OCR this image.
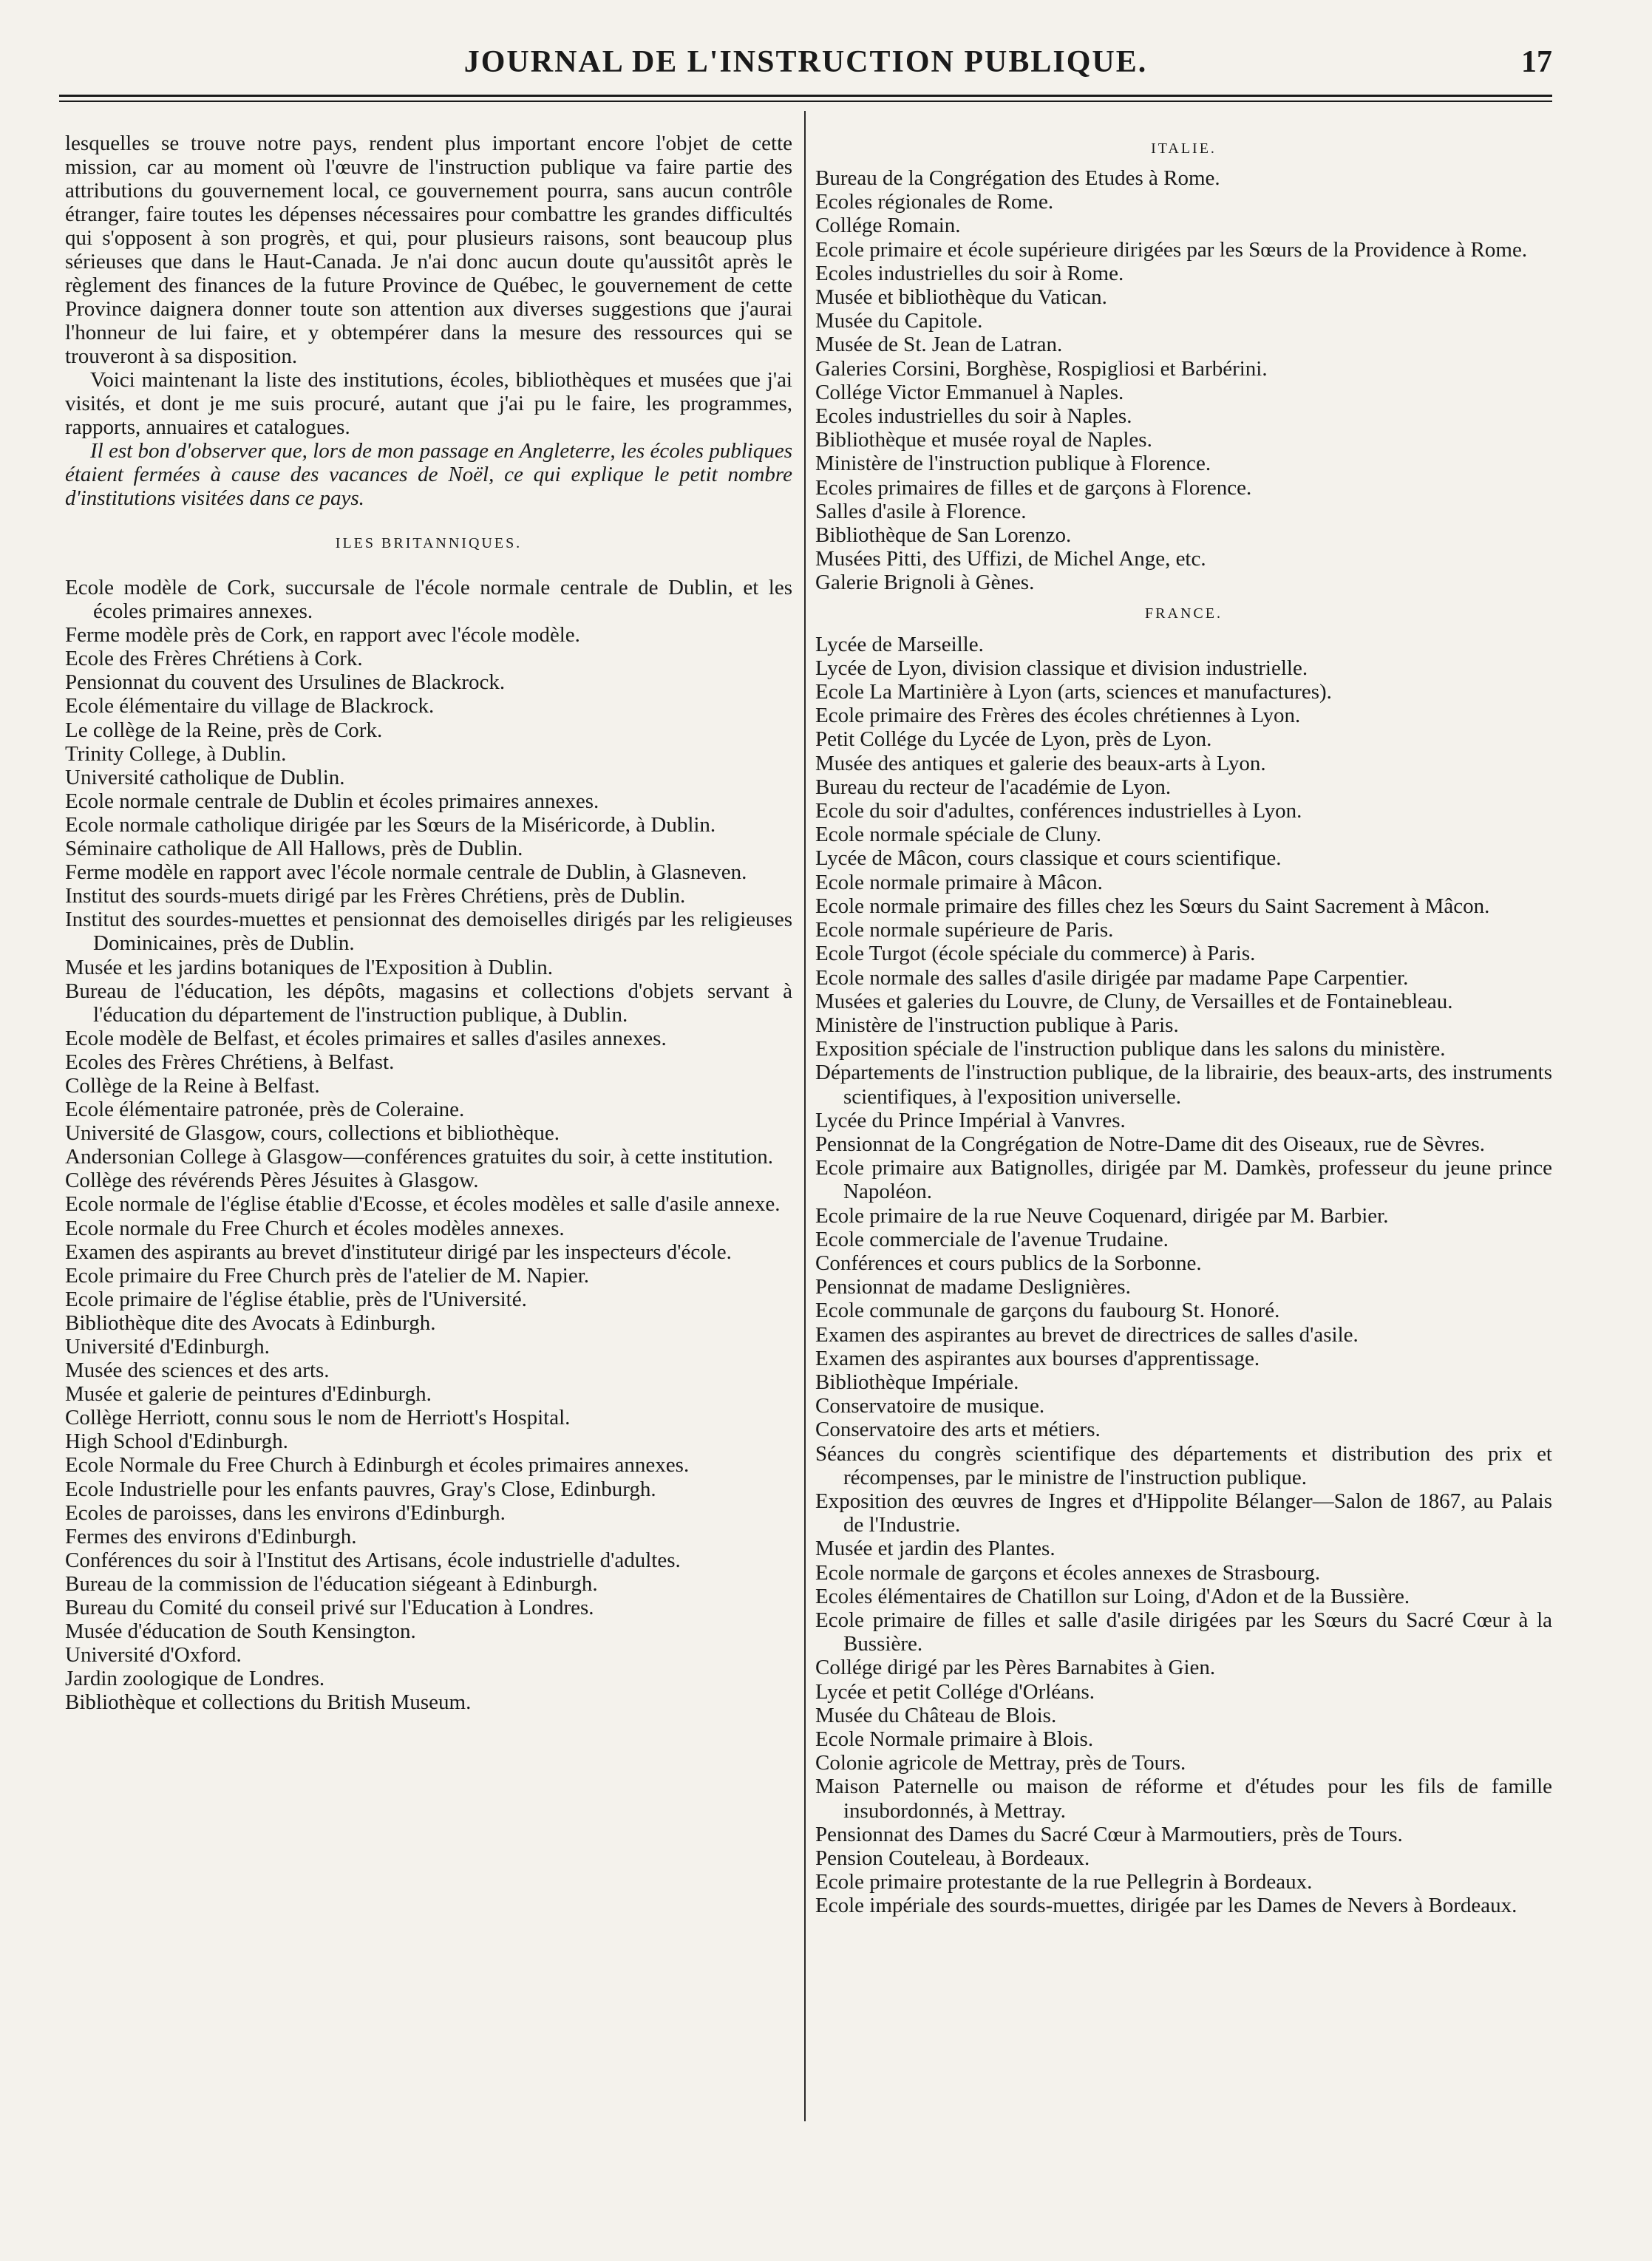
JOURNAL DE L'INSTRUCTION PUBLIQUE.	17

lesquelles se trouve notre pays, rendent plus important encore l'objet de cette mission, car au moment où l'œuvre de l'instruction publique va faire partie des attributions du gouvernement local, ce gouvernement pourra, sans aucun contrôle étranger, faire toutes les dépenses nécessaires pour combattre les grandes difficultés qui s'opposent à son progrès, et qui, pour plusieurs raisons, sont beaucoup plus sérieuses que dans le Haut-Canada. Je n'ai donc aucun doute qu'aussitôt après le règlement des finances de la future Province de Québec, le gouvernement de cette Province daignera donner toute son attention aux diverses suggestions que j'aurai l'honneur de lui faire, et y obtempérer dans la mesure des ressources qui se trouveront à sa disposition.

Voici maintenant la liste des institutions, écoles, bibliothèques et musées que j'ai visités, et dont je me suis procuré, autant que j'ai pu le faire, les programmes, rapports, annuaires et catalogues.

Il est bon d'observer que, lors de mon passage en Angleterre, les écoles publiques étaient fermées à cause des vacances de Noël, ce qui explique le petit nombre d'institutions visitées dans ce pays.

ILES BRITANNIQUES.
Ecole modèle de Cork, succursale de l'école normale centrale de Dublin, et les écoles primaires annexes.
Ferme modèle près de Cork, en rapport avec l'école modèle.
Ecole des Frères Chrétiens à Cork.
Pensionnat du couvent des Ursulines de Blackrock.
Ecole élémentaire du village de Blackrock.
Le collège de la Reine, près de Cork.
Trinity College, à Dublin.
Université catholique de Dublin.
Ecole normale centrale de Dublin et écoles primaires annexes.
Ecole normale catholique dirigée par les Sœurs de la Miséricorde, à Dublin.
Séminaire catholique de All Hallows, près de Dublin.
Ferme modèle en rapport avec l'école normale centrale de Dublin, à Glasneven.
Institut des sourds-muets dirigé par les Frères Chrétiens, près de Dublin.
Institut des sourdes-muettes et pensionnat des demoiselles dirigés par les religieuses Dominicaines, près de Dublin.
Musée et les jardins botaniques de l'Exposition à Dublin.
Bureau de l'éducation, les dépôts, magasins et collections d'objets servant à l'éducation du département de l'instruction publique, à Dublin.
Ecole modèle de Belfast, et écoles primaires et salles d'asiles annexes.
Ecoles des Frères Chrétiens, à Belfast.
Collège de la Reine à Belfast.
Ecole élémentaire patronée, près de Coleraine.
Université de Glasgow, cours, collections et bibliothèque.
Andersonian College à Glasgow—conférences gratuites du soir, à cette institution.
Collège des révérends Pères Jésuites à Glasgow.
Ecole normale de l'église établie d'Ecosse, et écoles modèles et salle d'asile annexe.
Ecole normale du Free Church et écoles modèles annexes.
Examen des aspirants au brevet d'instituteur dirigé par les inspecteurs d'école.
Ecole primaire du Free Church près de l'atelier de M. Napier.
Ecole primaire de l'église établie, près de l'Université.
Bibliothèque dite des Avocats à Edinburgh.
Université d'Edinburgh.
Musée des sciences et des arts.
Musée et galerie de peintures d'Edinburgh.
Collège Herriott, connu sous le nom de Herriott's Hospital.
High School d'Edinburgh.
Ecole Normale du Free Church à Edinburgh et écoles primaires annexes.
Ecole Industrielle pour les enfants pauvres, Gray's Close, Edinburgh.
Ecoles de paroisses, dans les environs d'Edinburgh.
Fermes des environs d'Edinburgh.
Conférences du soir à l'Institut des Artisans, école industrielle d'adultes.
Bureau de la commission de l'éducation siégeant à Edinburgh.
Bureau du Comité du conseil privé sur l'Education à Londres.
Musée d'éducation de South Kensington.
Université d'Oxford.
Jardin zoologique de Londres.
Bibliothèque et collections du British Museum.
ITALIE.
Bureau de la Congrégation des Etudes à Rome.
Ecoles régionales de Rome.
Collége Romain.
Ecole primaire et école supérieure dirigées par les Sœurs de la Providence à Rome.
Ecoles industrielles du soir à Rome.
Musée et bibliothèque du Vatican.
Musée du Capitole.
Musée de St. Jean de Latran.
Galeries Corsini, Borghèse, Rospigliosi et Barbérini.
Collége Victor Emmanuel à Naples.
Ecoles industrielles du soir à Naples.
Bibliothèque et musée royal de Naples.
Ministère de l'instruction publique à Florence.
Ecoles primaires de filles et de garçons à Florence.
Salles d'asile à Florence.
Bibliothèque de San Lorenzo.
Musées Pitti, des Uffizi, de Michel Ange, etc.
Galerie Brignoli à Gènes.
FRANCE.
Lycée de Marseille.
Lycée de Lyon, division classique et division industrielle.
Ecole La Martinière à Lyon (arts, sciences et manufactures).
Ecole primaire des Frères des écoles chrétiennes à Lyon.
Petit Collége du Lycée de Lyon, près de Lyon.
Musée des antiques et galerie des beaux-arts à Lyon.
Bureau du recteur de l'académie de Lyon.
Ecole du soir d'adultes, conférences industrielles à Lyon.
Ecole normale spéciale de Cluny.
Lycée de Mâcon, cours classique et cours scientifique.
Ecole normale primaire à Mâcon.
Ecole normale primaire des filles chez les Sœurs du Saint Sacrement à Mâcon.
Ecole normale supérieure de Paris.
Ecole Turgot (école spéciale du commerce) à Paris.
Ecole normale des salles d'asile dirigée par madame Pape Carpentier.
Musées et galeries du Louvre, de Cluny, de Versailles et de Fontainebleau.
Ministère de l'instruction publique à Paris.
Exposition spéciale de l'instruction publique dans les salons du ministère.
Départements de l'instruction publique, de la librairie, des beaux-arts, des instruments scientifiques, à l'exposition universelle.
Lycée du Prince Impérial à Vanvres.
Pensionnat de la Congrégation de Notre-Dame dit des Oiseaux, rue de Sèvres.
Ecole primaire aux Batignolles, dirigée par M. Damkès, professeur du jeune prince Napoléon.
Ecole primaire de la rue Neuve Coquenard, dirigée par M. Barbier.
Ecole commerciale de l'avenue Trudaine.
Conférences et cours publics de la Sorbonne.
Pensionnat de madame Deslignières.
Ecole communale de garçons du faubourg St. Honoré.
Examen des aspirantes au brevet de directrices de salles d'asile.
Examen des aspirantes aux bourses d'apprentissage.
Bibliothèque Impériale.
Conservatoire de musique.
Conservatoire des arts et métiers.
Séances du congrès scientifique des départements et distribution des prix et récompenses, par le ministre de l'instruction publique.
Exposition des œuvres de Ingres et d'Hippolite Bélanger—Salon de 1867, au Palais de l'Industrie.
Musée et jardin des Plantes.
Ecole normale de garçons et écoles annexes de Strasbourg.
Ecoles élémentaires de Chatillon sur Loing, d'Adon et de la Bussière.
Ecole primaire de filles et salle d'asile dirigées par les Sœurs du Sacré Cœur à la Bussière.
Collége dirigé par les Pères Barnabites à Gien.
Lycée et petit Collége d'Orléans.
Musée du Château de Blois.
Ecole Normale primaire à Blois.
Colonie agricole de Mettray, près de Tours.
Maison Paternelle ou maison de réforme et d'études pour les fils de famille insubordonnés, à Mettray.
Pensionnat des Dames du Sacré Cœur à Marmoutiers, près de Tours.
Pension Couteleau, à Bordeaux.
Ecole primaire protestante de la rue Pellegrin à Bordeaux.
Ecole impériale des sourds-muettes, dirigée par les Dames de Nevers à Bordeaux.
